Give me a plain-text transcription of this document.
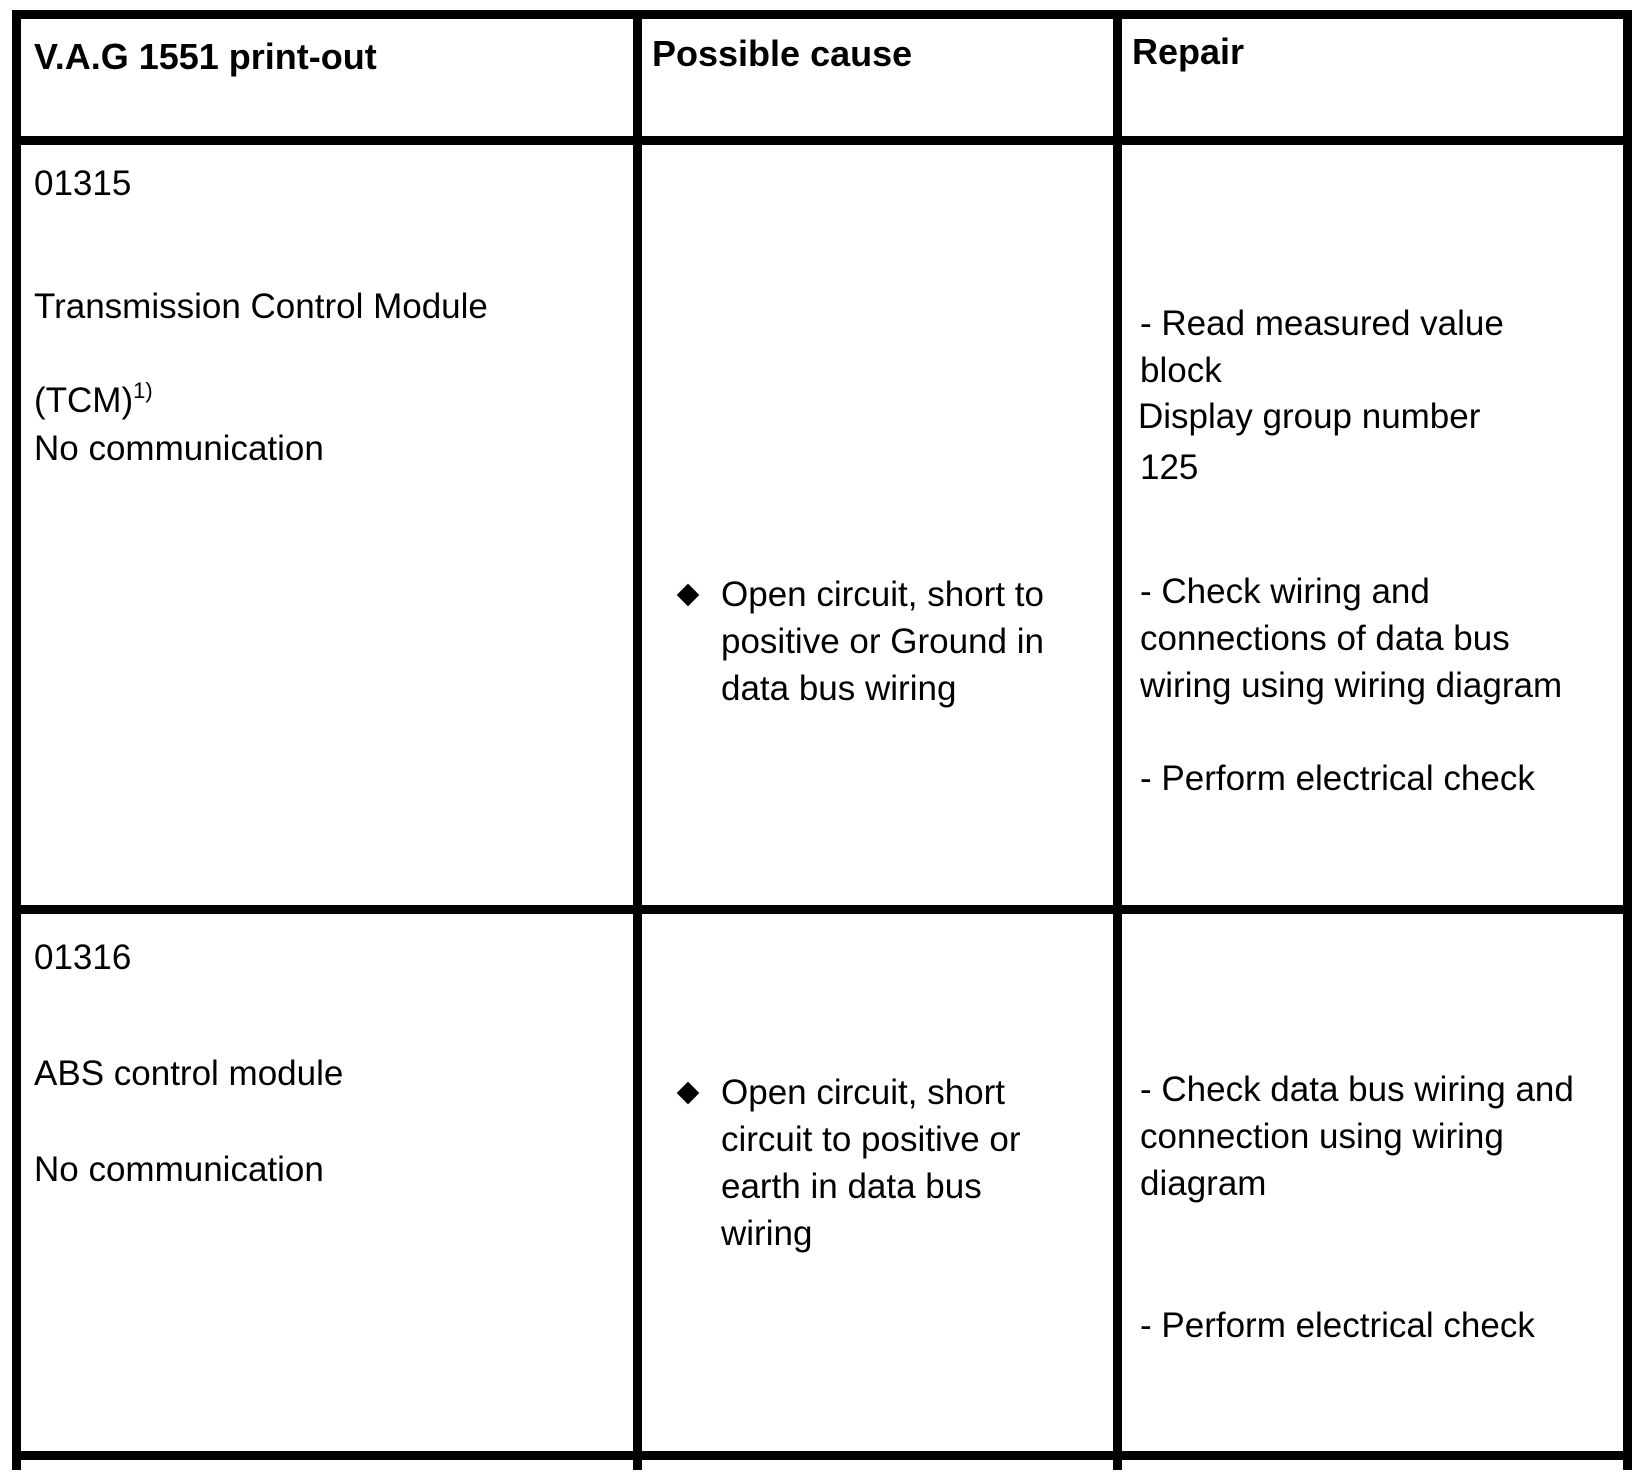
V.A.G 1551 print-out	Possible cause	Repair
01315
Transmission Control Module

(TCM)$^{1)}$

No communication
Open circuit, short to positive or Ground in data bus wiring
- Read measured value block
Display group number
125
- Check wiring and connections of data bus wiring using wiring diagram
- Perform electrical check
01316
ABS control module
No communication
Open circuit, short circuit to positive or earth in data bus wiring
- Check data bus wiring and connection using wiring diagram
- Perform electrical check
